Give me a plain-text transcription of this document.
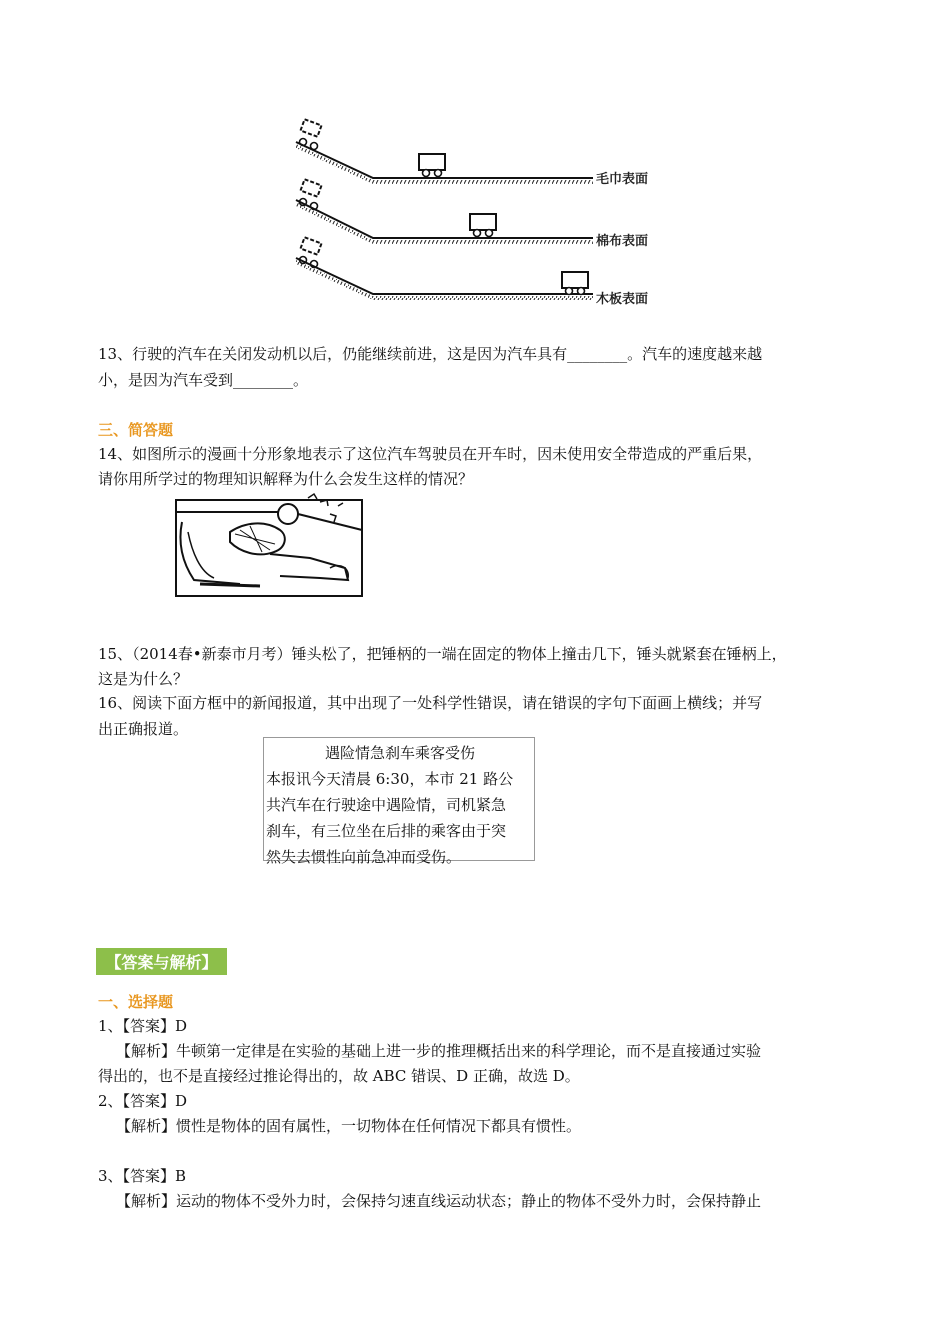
毛巾表面
棉布表面
木板表面
13、行驶的汽车在关闭发动机以后，仍能继续前进，这是因为汽车具有________。汽车的速度越来越
小，是因为汽车受到________。
三、简答题
14、如图所示的漫画十分形象地表示了这位汽车驾驶员在开车时，因未使用安全带造成的严重后果，
请你用所学过的物理知识解释为什么会发生这样的情况？
15、（2014春•新泰市月考）锤头松了，把锤柄的一端在固定的物体上撞击几下，锤头就紧套在锤柄上，
这是为什么？
16、阅读下面方框中的新闻报道，其中出现了一处科学性错误，请在错误的字句下面画上横线；并写
出正确报道。
遇险情急刹车乘客受伤
本报讯今天清晨 6:30，本市 21 路公
共汽车在行驶途中遇险情，司机紧急
刹车，有三位坐在后排的乘客由于突
然失去惯性向前急冲而受伤。
【答案与解析】
一、选择题
1、【答案】D
【解析】牛顿第一定律是在实验的基础上进一步的推理概括出来的科学理论，而不是直接通过实验
得出的，也不是直接经过推论得出的，故 ABC 错误、D 正确，故选 D。
2、【答案】D
【解析】惯性是物体的固有属性，一切物体在任何情况下都具有惯性。
3、【答案】B
【解析】运动的物体不受外力时，会保持匀速直线运动状态；静止的物体不受外力时，会保持静止
